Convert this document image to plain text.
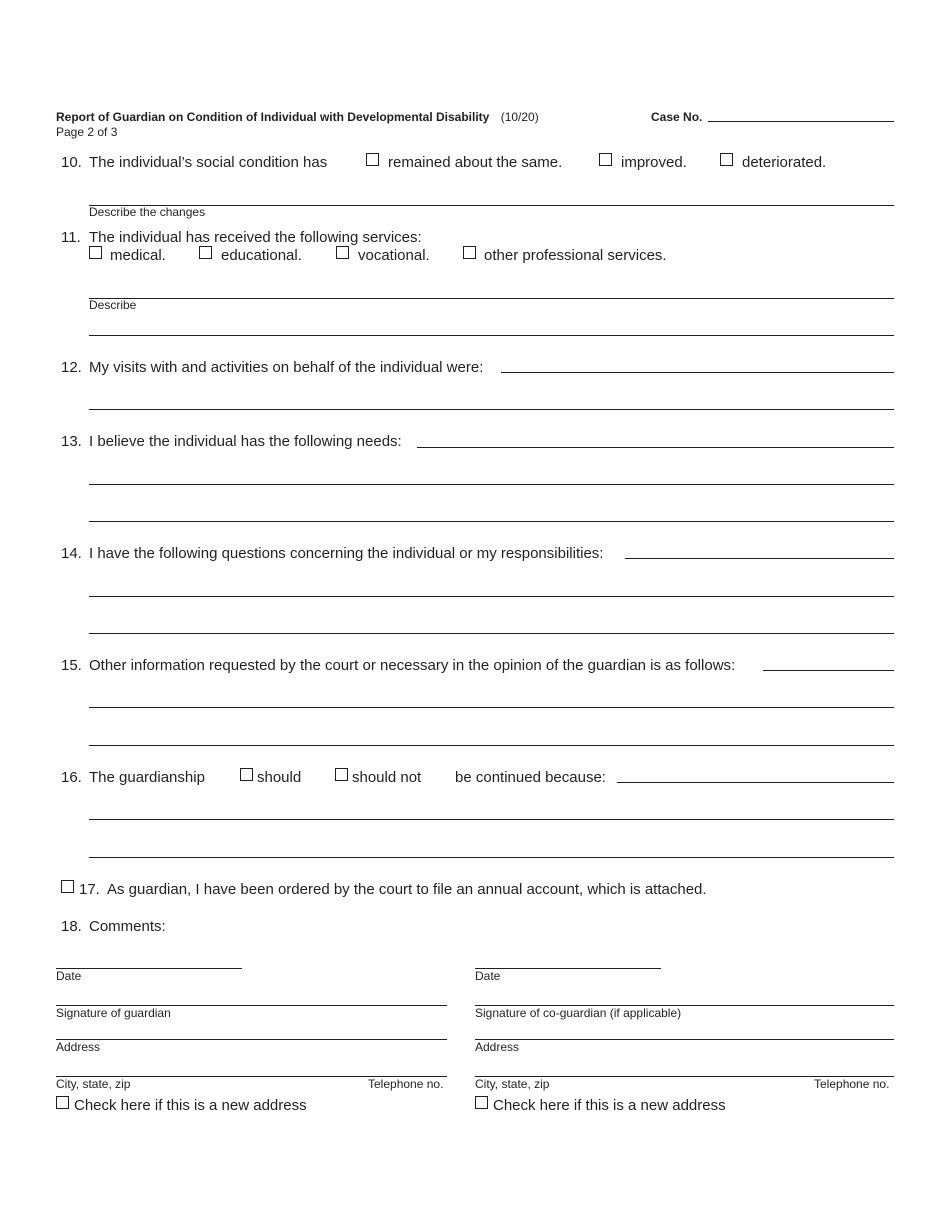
Report of Guardian on Condition of Individual with Developmental Disability (10/20)
Page 2 of 3
Case No.
10. The individual’s social condition has	remained about the same.	improved.	deteriorated.
Describe the changes
11. The individual has received the following services:
medical.	educational.	vocational.	other professional services.
Describe
12. My visits with and activities on behalf of the individual were:
13. I believe the individual has the following needs:
14. I have the following questions concerning the individual or my responsibilities:
15. Other information requested by the court or necessary in the opinion of the guardian is as follows:
16. The guardianship	should	should not be continued because:
17. As guardian, I have been ordered by the court to file an annual account, which is attached.
18. Comments:
Date
Signature of guardian
Address
City, state, zip	Telephone no.
Check here if this is a new address
Date
Signature of co-guardian (if applicable)
Address
City, state, zip	Telephone no.
Check here if this is a new address
